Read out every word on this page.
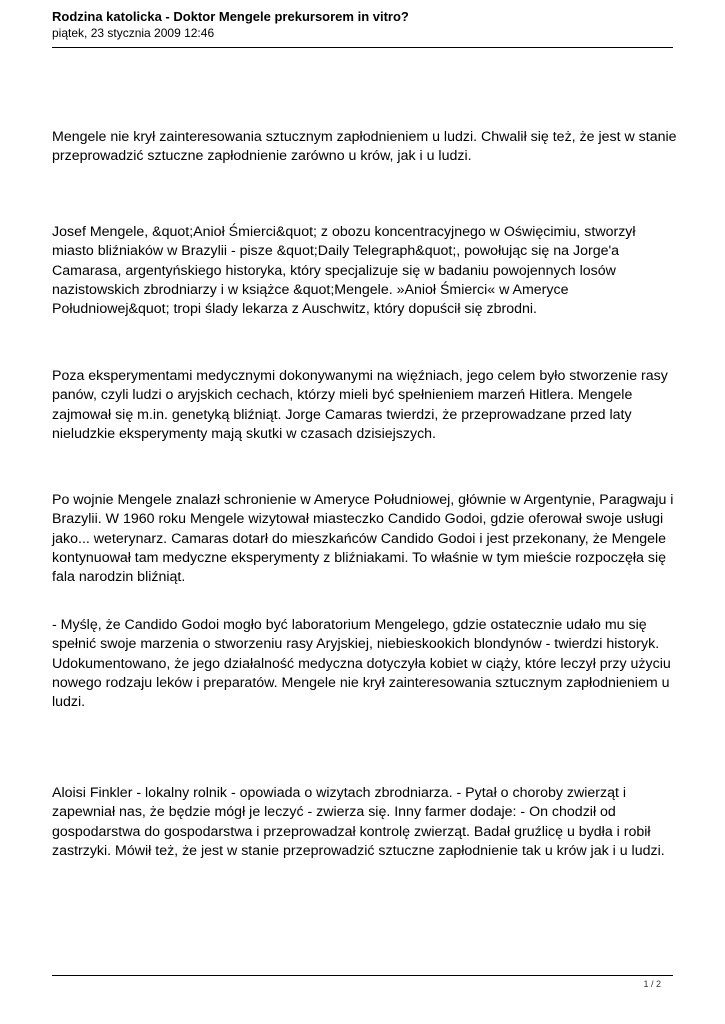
Rodzina katolicka - Doktor Mengele prekursorem in vitro?

piątek, 23 stycznia 2009 12:46

Mengele nie krył zainteresowania sztucznym zapłodnieniem u ludzi. Chwalił się też, że jest w stanie przeprowadzić sztuczne zapłodnienie zarówno u krów, jak i u ludzi.

Josef Mengele, &quot;Anioł Śmierci&quot; z obozu koncentracyjnego w Oświęcimiu, stworzył miasto bliźniaków w Brazylii - pisze &quot;Daily Telegraph&quot;, powołując się na Jorge'a Camarasa, argentyńskiego historyka, który specjalizuje się w badaniu powojennych losów nazistowskich zbrodniarzy i w książce &quot;Mengele. »Anioł Śmierci« w Ameryce Południowej&quot; tropi ślady lekarza z Auschwitz, który dopuścił się zbrodni.

Poza eksperymentami medycznymi dokonywanymi na więźniach, jego celem było stworzenie rasy panów, czyli ludzi o aryjskich cechach, którzy mieli być spełnieniem marzeń Hitlera. Mengele zajmował się m.in. genetyką bliźniąt. Jorge Camaras twierdzi, że przeprowadzane przed laty nieludzkie eksperymenty mają skutki w czasach dzisiejszych.

Po wojnie Mengele znalazł schronienie w Ameryce Południowej, głównie w Argentynie, Paragwaju i Brazylii. W 1960 roku Mengele wizytował miasteczko Candido Godoi, gdzie oferował swoje usługi jako... weterynarz. Camaras dotarł do mieszkańców Candido Godoi i jest przekonany, że Mengele kontynuował tam medyczne eksperymenty z bliźniakami. To właśnie w tym mieście rozpoczęła się fala narodzin bliźniąt.

- Myślę, że Candido Godoi mogło być laboratorium Mengelego, gdzie ostatecznie udało mu się spełnić swoje marzenia o stworzeniu rasy Aryjskiej, niebieskookich blondynów - twierdzi historyk. Udokumentowano, że jego działalność medyczna dotyczyła kobiet w ciąży, które leczył przy użyciu nowego rodzaju leków i preparatów. Mengele nie krył zainteresowania sztucznym zapłodnieniem u ludzi.

Aloisi Finkler - lokalny rolnik - opowiada o wizytach zbrodniarza. - Pytał o choroby zwierząt i zapewniał nas, że będzie mógł je leczyć - zwierza się. Inny farmer dodaje: - On chodził od gospodarstwa do gospodarstwa i przeprowadzał kontrolę zwierząt. Badał gruźlicę u bydła i robił zastrzyki. Mówił też, że jest w stanie przeprowadzić sztuczne zapłodnienie tak u krów jak i u ludzi.

1 / 2
